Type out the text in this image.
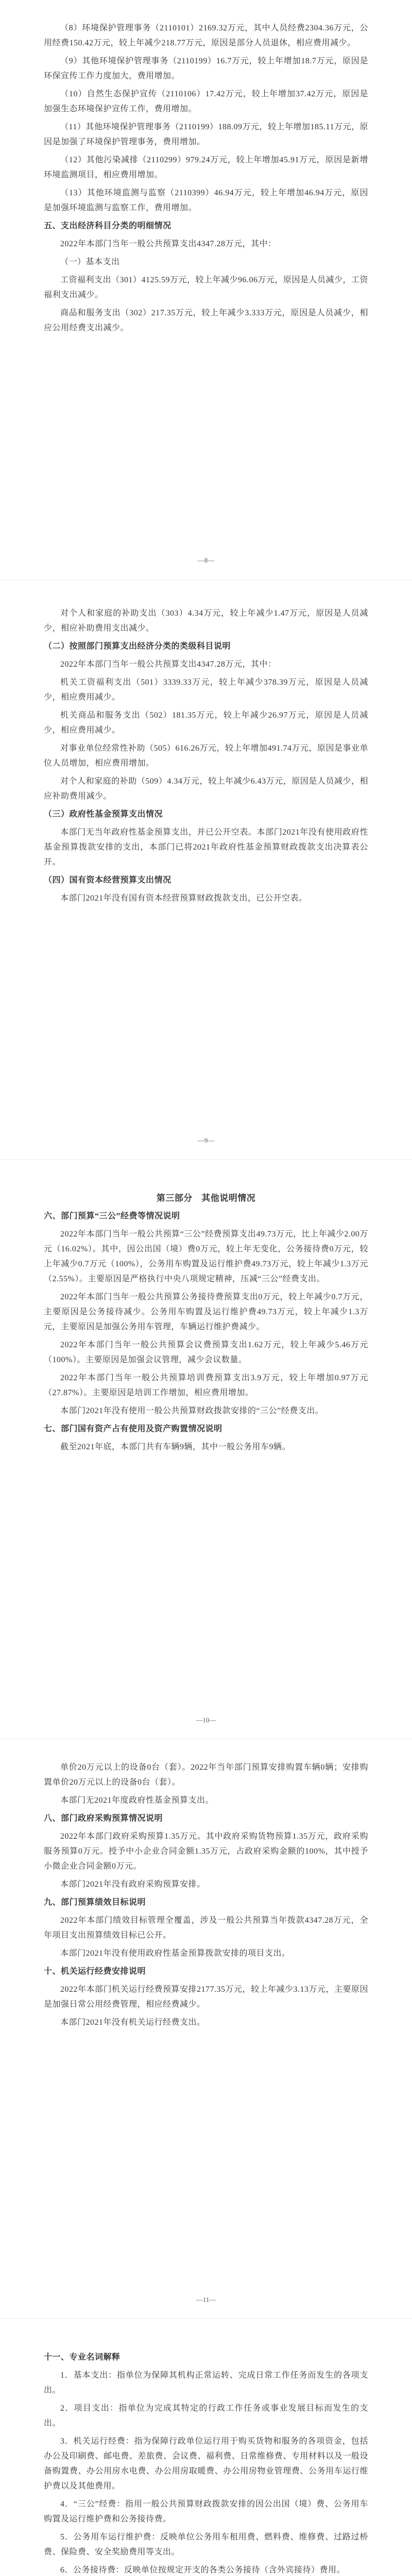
（8）环境保护管理事务（2110101）2169.32万元，其中人员经费2304.36万元，公用经费150.42万元，较上年减少218.77万元，原因是部分人员退休，相应费用减少。

（9）其他环境保护管理事务（2110199）16.7万元，较上年增加18.7万元，原因是环保宣传工作力度加大，费用增加。

（10）自然生态保护宣传（2110106）17.42万元，较上年增加37.42万元，原因是加强生态环境保护宣传工作，费用增加。

（11）其他环境保护管理事务（2110199）188.09万元，较上年增加185.11万元，原因是加强了环境保护管理事务，费用增加。

（12）其他污染减排（2110299）979.24万元，较上年增加45.91万元，原因是新增环境监测项目，相应费用增加。

（13）其他环境监测与监察（2110399）46.94万元，较上年增加46.94万元，原因是加强环境监测与监察工作，费用增加。

五、支出经济科目分类的明细情况

2022年本部门当年一般公共预算支出4347.28万元，其中：

（一）基本支出

工资福利支出（301）4125.59万元，较上年减少96.06万元，原因是人员减少，工资福利支出减少。

商品和服务支出（302）217.35万元，较上年减少3.333万元，原因是人员减少，相应公用经费支出减少。

—8—

对个人和家庭的补助支出（303）4.34万元，较上年减少1.47万元，原因是人员减少，相应补助费用支出减少。

（二）按照部门预算支出经济分类的类级科目说明

2022年本部门当年一般公共预算支出4347.28万元，其中：

机关工资福利支出（501）3339.33万元，较上年减少378.39万元，原因是人员减少，相应费用减少。

机关商品和服务支出（502）181.35万元，较上年减少26.97万元，原因是人员减少，相应费用减少。

对事业单位经常性补助（505）616.26万元，较上年增加491.74万元，原因是事业单位人员增加，相应费用增加。

对个人和家庭的补助（509）4.34万元，较上年减少6.43万元，原因是人员减少，相应补助费用减少。

（三）政府性基金预算支出情况

本部门无当年政府性基金预算支出，并已公开空表。本部门2021年没有使用政府性基金预算拨款安排的支出，本部门已将2021年政府性基金预算财政拨款支出决算表公开。

（四）国有资本经营预算支出情况

本部门2021年没有国有资本经营预算财政拨款支出，已公开空表。

—9—

第三部分　其他说明情况

六、部门预算“三公”经费等情况说明

2022年本部门当年一般公共预算“三公”经费预算支出49.73万元，比上年减少2.00万元（16.02%）。其中，因公出国（境）费0万元，较上年无变化，公务接待费0万元，较上年减少0.7万元（100%），公务用车购置及运行维护费49.73万元，较上年减少1.3万元（2.55%）。主要原因是严格执行中央八项规定精神，压减“三公”经费支出。

2022年本部门当年一般公共预算公务接待费预算支出0万元，较上年减少0.7万元，主要原因是公务接待减少。公务用车购置及运行维护费49.73万元，较上年减少1.3万元，主要原因是加强公务用车管理，车辆运行维护费减少。

2022年本部门当年一般公共预算会议费预算支出1.62万元，较上年减少5.46万元（100%）。主要原因是加强会议管理，减少会议数量。

2022年本部门当年一般公共预算培训费预算支出3.9万元，较上年增加0.97万元（27.87%）。主要原因是培训工作增加，相应费用增加。

本部门2021年没有使用一般公共预算财政拨款安排的“三公”经费支出。

七、部门国有资产占有使用及资产购置情况说明

截至2021年底，本部门共有车辆9辆，其中一般公务用车9辆。

—10—

单价20万元以上的设备0台（套）。2022年当年部门预算安排购置车辆0辆；安排购置单价20万元以上的设备0台（套）。

本部门无2021年度政府性基金预算支出。

八、部门政府采购预算情况说明

2022年本部门政府采购预算1.35万元。其中政府采购货物预算1.35万元，政府采购服务预算0万元。授予中小企业合同金额1.35万元，占政府采购金额的100%，其中授予小微企业合同金额0万元。

本部门2021年没有政府采购预算安排。

九、部门预算绩效目标说明

2022年本部门绩效目标管理全覆盖，涉及一般公共预算当年拨款4347.28万元，全年项目支出预算绩效目标已公开。

本部门2021年没有使用政府性基金预算拨款安排的项目支出。

十、机关运行经费安排说明

2022年本部门机关运行经费预算安排2177.35万元，较上年减少3.13万元，主要原因是加强日常公用经费管理，相应经费减少。

本部门2021年没有机关运行经费支出。

—11—

十一、专业名词解释

1．基本支出：指单位为保障其机构正常运转、完成日常工作任务而发生的各项支出。

2．项目支出：指单位为完成其特定的行政工作任务或事业发展目标而发生的支出。

3．机关运行经费：指为保障行政单位运行用于购买货物和服务的各项资金，包括办公及印刷费、邮电费、差旅费、会议费、福利费、日常维修费、专用材料以及一般设备购置费、办公用房水电费、办公用房取暖费、办公用房物业管理费、公务用车运行维护费以及其他费用。

4．“三公”经费：指用一般公共预算财政拨款安排的因公出国（境）费、公务用车购置及运行维护费和公务接待费。

5．公务用车运行维护费：反映单位公务用车租用费、燃料费、维修费、过路过桥费、保险费、安全奖励费用等支出。

6．公务接待费：反映单位按规定开支的各类公务接待（含外宾接待）费用。
